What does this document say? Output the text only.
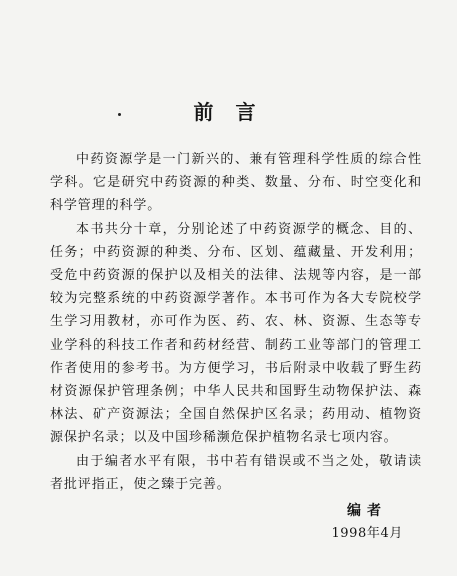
前言

中药资源学是一门新兴的、兼有管理科学性质的综合性学科。它是研究中药资源的种类、数量、分布、时空变化和科学管理的科学。

本书共分十章，分别论述了中药资源学的概念、目的、任务；中药资源的种类、分布、区划、蕴藏量、开发利用；受危中药资源的保护以及相关的法律、法规等内容，是一部较为完整系统的中药资源学著作。本书可作为各大专院校学生学习用教材，亦可作为医、药、农、林、资源、生态等专业学科的科技工作者和药材经营、制药工业等部门的管理工作者使用的参考书。为方便学习，书后附录中收载了野生药材资源保护管理条例；中华人民共和国野生动物保护法、森林法、矿产资源法；全国自然保护区名录；药用动、植物资源保护名录；以及中国珍稀濒危保护植物名录七项内容。

由于编者水平有限，书中若有错误或不当之处，敬请读者批评指正，使之臻于完善。

编者
1998年4月
